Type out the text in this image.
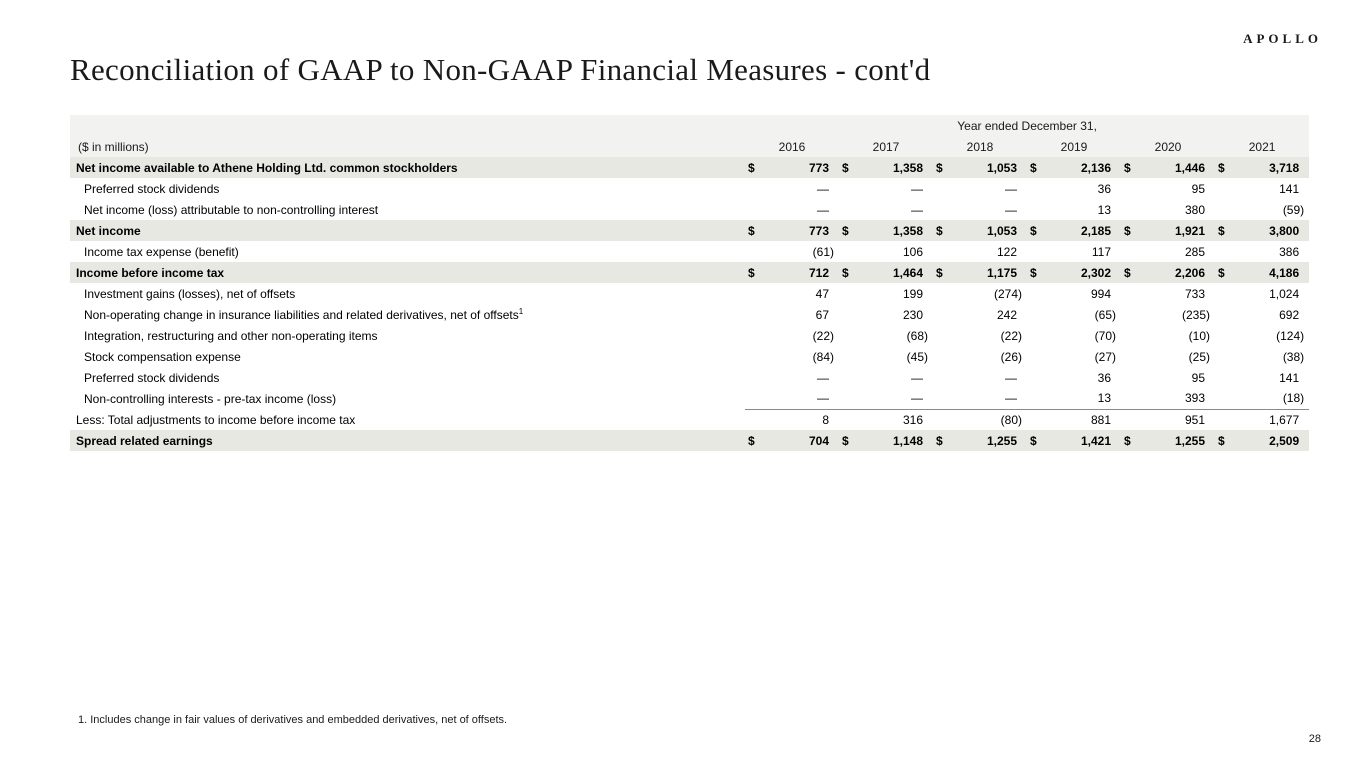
APOLLO
Reconciliation of GAAP to Non-GAAP Financial Measures - cont'd
	Year ended December 31,											
($ in millions)	2016		2017		2018		2019		2020		2021	
Net income available to Athene Holding Ltd. common stockholders	$	773	$	1,358	$	1,053	$	2,136	$	1,446	$	3,718
Preferred stock dividends		—		—		—		36		95		141
Net income (loss) attributable to non-controlling interest		—		—		—		13		380		(59)
Net income	$	773	$	1,358	$	1,053	$	2,185	$	1,921	$	3,800
Income tax expense (benefit)		(61)		106		122		117		285		386
Income before income tax	$	712	$	1,464	$	1,175	$	2,302	$	2,206	$	4,186
Investment gains (losses), net of offsets		47		199		(274)		994		733		1,024
Non-operating change in insurance liabilities and related derivatives, net of offsets$^1$		67		230		242		(65)		(235)		692
Integration, restructuring and other non-operating items		(22)		(68)		(22)		(70)		(10)		(124)
Stock compensation expense		(84)		(45)		(26)		(27)		(25)		(38)
Preferred stock dividends		—		—		—		36		95		141
Non-controlling interests - pre-tax income (loss)		—		—		—		13		393		(18)
Less: Total adjustments to income before income tax		8		316		(80)		881		951		1,677
Spread related earnings	$	704	$	1,148	$	1,255	$	1,421	$	1,255	$	2,509
1. Includes change in fair values of derivatives and embedded derivatives, net of offsets.
28
